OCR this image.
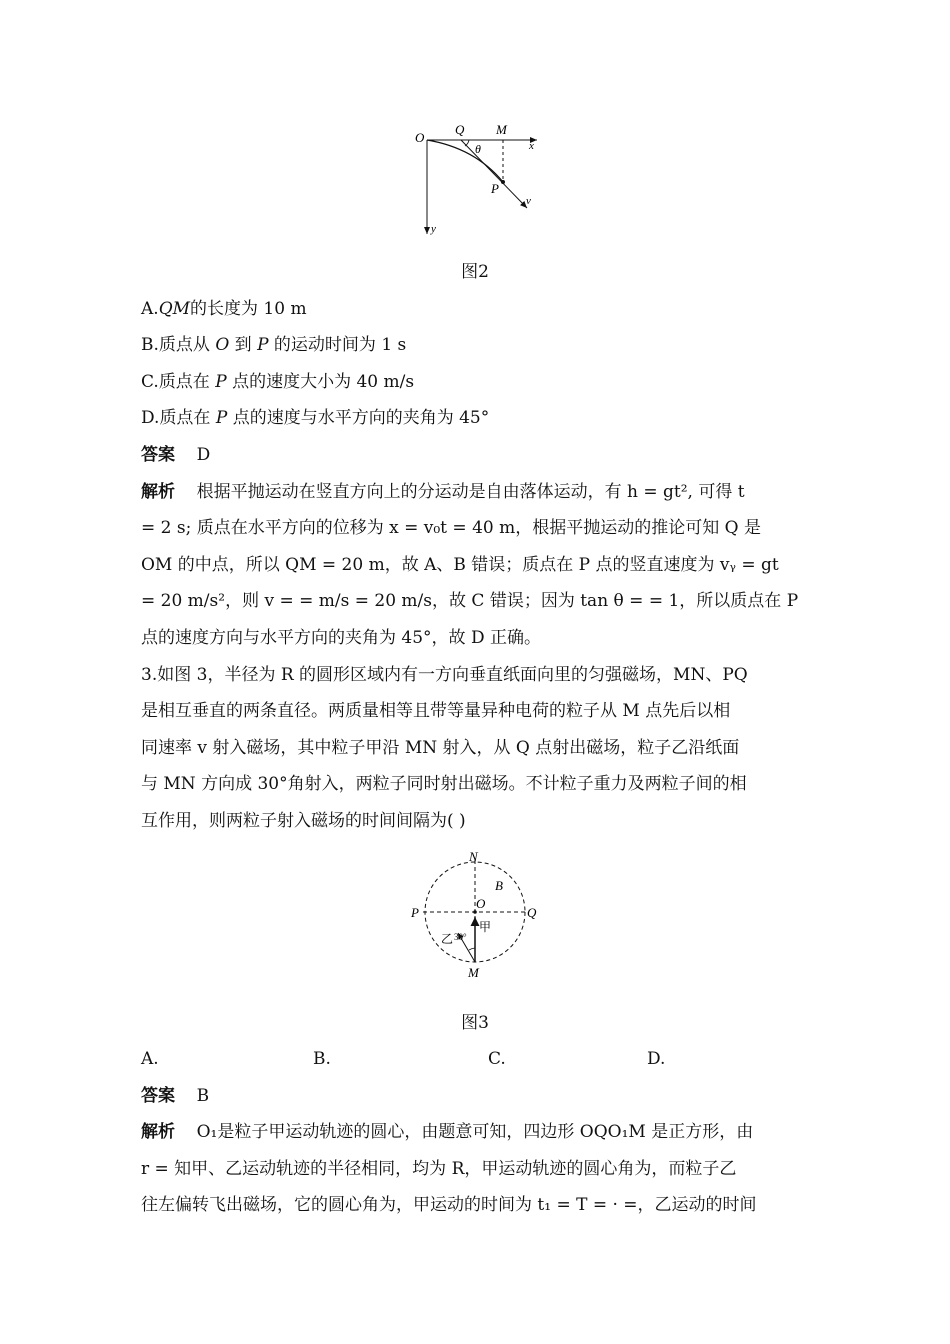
O
Q M
x
θ
P
v
y
图2
A.QM的长度为 10 m
B.质点从 O 到 P 的运动时间为 1 s
C.质点在 P 点的速度大小为 40 m/s
D.质点在 P 点的速度与水平方向的夹角为 45°
答案 D
解析 根据平抛运动在竖直方向上的分运动是自由落体运动，有 h = gt², 可得 t
= 2 s; 质点在水平方向的位移为 x = v₀t = 40 m，根据平抛运动的推论可知 Q 是
OM 的中点，所以 QM = 20 m，故 A、B 错误；质点在 P 点的竖直速度为 vᵧ = gt
= 20 m/s²，则 v = = m/s = 20 m/s，故 C 错误；因为 tan θ = = 1，所以质点在 P
点的速度方向与水平方向的夹角为 45°，故 D 正确。
3.如图 3，半径为 R 的圆形区域内有一方向垂直纸面向里的匀强磁场，MN、PQ
是相互垂直的两条直径。两质量相等且带等量异种电荷的粒子从 M 点先后以相
同速率 v 射入磁场，其中粒子甲沿 MN 射入，从 Q 点射出磁场，粒子乙沿纸面
与 MN 方向成 30°角射入，两粒子同时射出磁场。不计粒子重力及两粒子间的相
互作用，则两粒子射入磁场的时间间隔为( )
N
B
P
O
Q
乙 30°
甲
M
图3
A.	B.	C.	D.
答案 B
解析 O₁是粒子甲运动轨迹的圆心，由题意可知，四边形 OQO₁M 是正方形，由
r = 知甲、乙运动轨迹的半径相同，均为 R，甲运动轨迹的圆心角为，而粒子乙
往左偏转飞出磁场，它的圆心角为，甲运动的时间为 t₁ = T = · =，乙运动的时间
